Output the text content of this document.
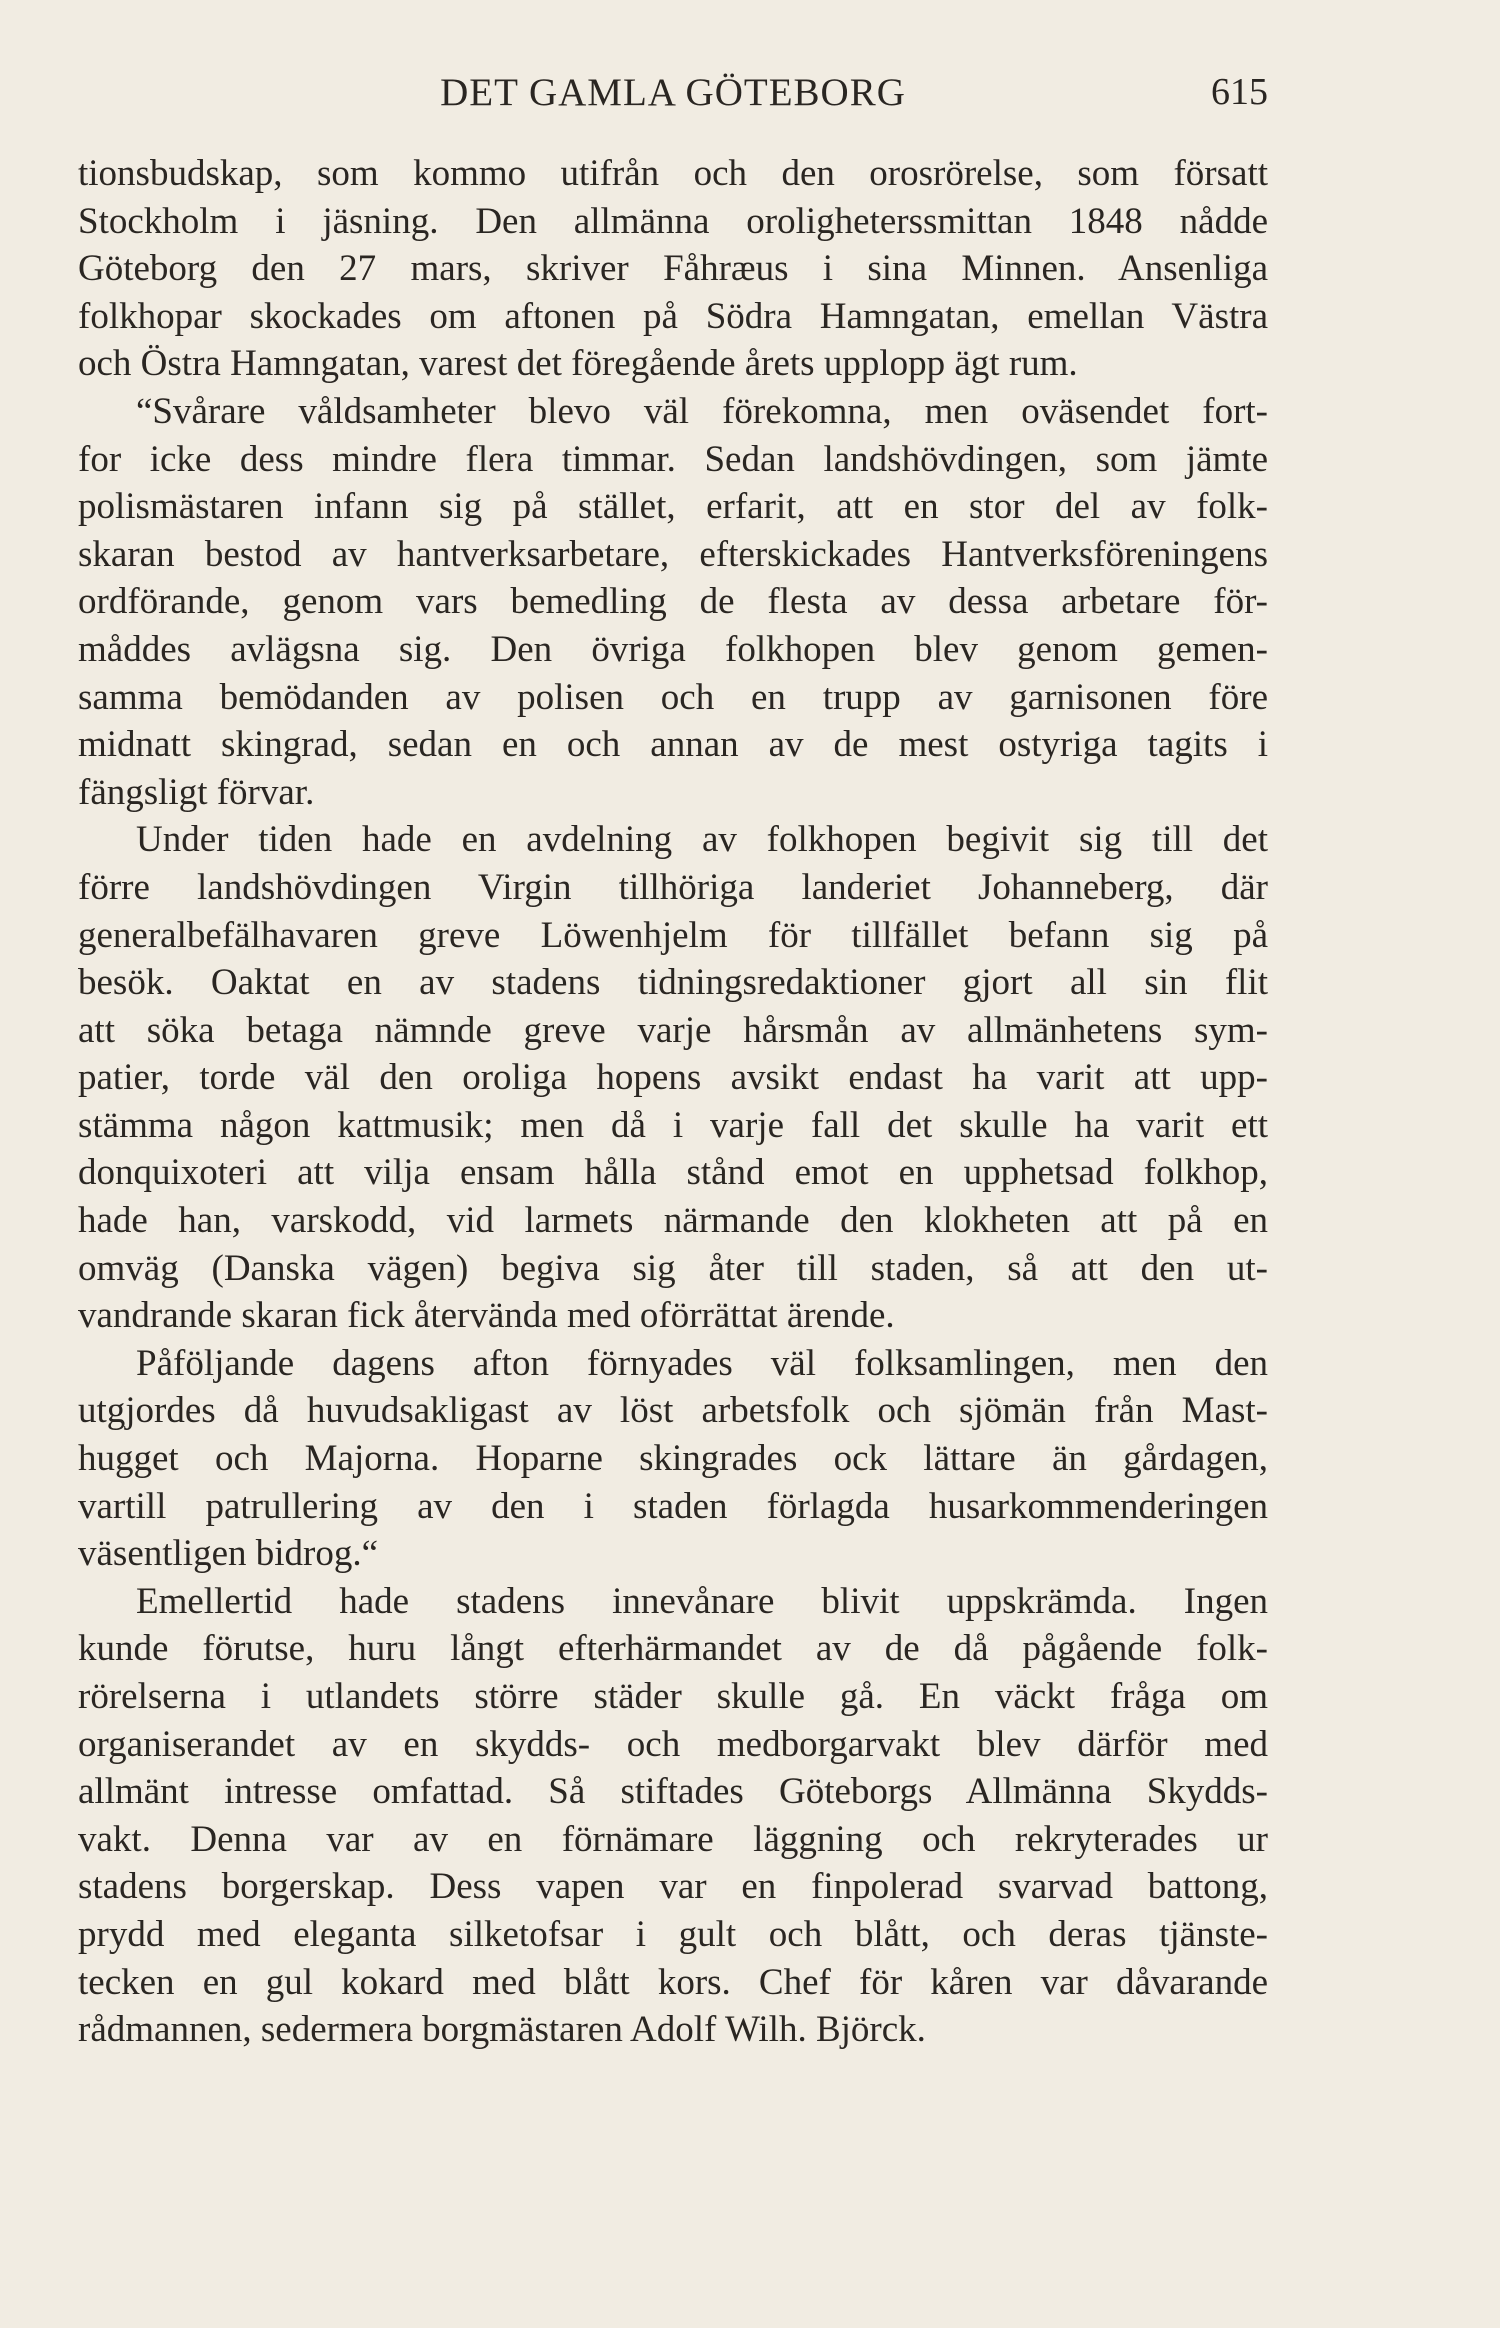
DET GAMLA GÖTEBORG	615
tionsbudskap, som kommo utifrån och den orosrörelse, som försatt
Stockholm i jäsning. Den allmänna oroligheterssmittan 1848 nådde
Göteborg den 27 mars, skriver Fåhræus i sina Minnen. Ansenliga
folkhopar skockades om aftonen på Södra Hamngatan, emellan Västra
och Östra Hamngatan, varest det föregående årets upplopp ägt rum.
“Svårare våldsamheter blevo väl förekomna, men oväsendet fort-
for icke dess mindre flera timmar. Sedan landshövdingen, som jämte
polismästaren infann sig på stället, erfarit, att en stor del av folk-
skaran bestod av hantverksarbetare, efterskickades Hantverksföreningens
ordförande, genom vars bemedling de flesta av dessa arbetare för-
måddes avlägsna sig. Den övriga folkhopen blev genom gemen-
samma bemödanden av polisen och en trupp av garnisonen före
midnatt skingrad, sedan en och annan av de mest ostyriga tagits i
fängsligt förvar.
Under tiden hade en avdelning av folkhopen begivit sig till det
förre landshövdingen Virgin tillhöriga landeriet Johanneberg, där
generalbefälhavaren greve Löwenhjelm för tillfället befann sig på
besök. Oaktat en av stadens tidningsredaktioner gjort all sin flit
att söka betaga nämnde greve varje hårsmån av allmänhetens sym-
patier, torde väl den oroliga hopens avsikt endast ha varit att upp-
stämma någon kattmusik; men då i varje fall det skulle ha varit ett
donquixoteri att vilja ensam hålla stånd emot en upphetsad folkhop,
hade han, varskodd, vid larmets närmande den klokheten att på en
omväg (Danska vägen) begiva sig åter till staden, så att den ut-
vandrande skaran fick återvända med oförrättat ärende.
Påföljande dagens afton förnyades väl folksamlingen, men den
utgjordes då huvudsakligast av löst arbetsfolk och sjömän från Mast-
hugget och Majorna. Hoparne skingrades ock lättare än gårdagen,
vartill patrullering av den i staden förlagda husarkommenderingen
väsentligen bidrog.“
Emellertid hade stadens innevånare blivit uppskrämda. Ingen
kunde förutse, huru långt efterhärmandet av de då pågående folk-
rörelserna i utlandets större städer skulle gå. En väckt fråga om
organiserandet av en skydds- och medborgarvakt blev därför med
allmänt intresse omfattad. Så stiftades Göteborgs Allmänna Skydds-
vakt. Denna var av en förnämare läggning och rekryterades ur
stadens borgerskap. Dess vapen var en finpolerad svarvad battong,
prydd med eleganta silketofsar i gult och blått, och deras tjänste-
tecken en gul kokard med blått kors. Chef för kåren var dåvarande
rådmannen, sedermera borgmästaren Adolf Wilh. Björck.
